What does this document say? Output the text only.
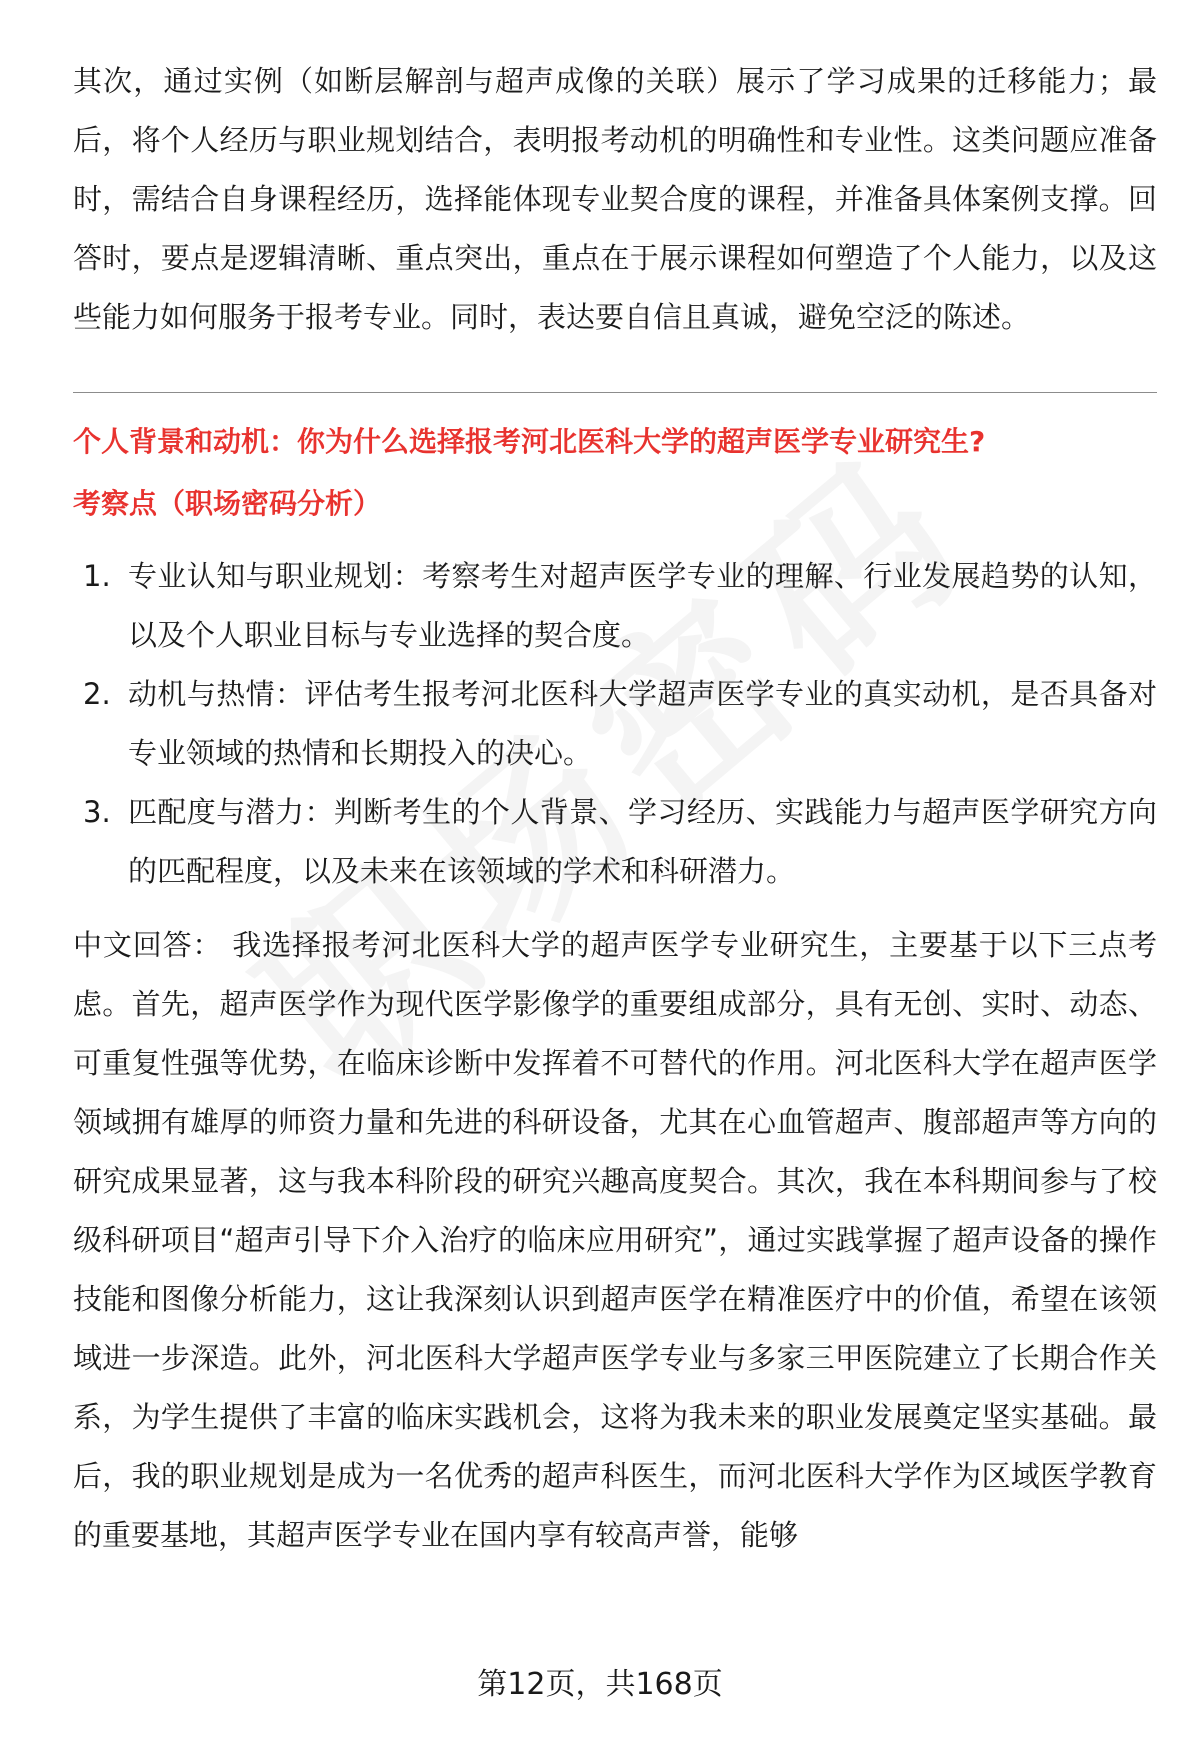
其次，通过实例（如断层解剖与超声成像的关联）展示了学习成果的迁移能力；最后，将个人经历与职业规划结合，表明报考动机的明确性和专业性。这类问题应准备时，需结合自身课程经历，选择能体现专业契合度的课程，并准备具体案例支撑。回答时，要点是逻辑清晰、重点突出，重点在于展示课程如何塑造了个人能力，以及这些能力如何服务于报考专业。同时，表达要自信且真诚，避免空泛的陈述。

个人背景和动机：你为什么选择报考河北医科大学的超声医学专业研究生?
考察点（职场密码分析）
1. 专业认知与职业规划：考察考生对超声医学专业的理解、行业发展趋势的认知，以及个人职业目标与专业选择的契合度。
2. 动机与热情：评估考生报考河北医科大学超声医学专业的真实动机，是否具备对专业领域的热情和长期投入的决心。
3. 匹配度与潜力：判断考生的个人背景、学习经历、实践能力与超声医学研究方向的匹配程度，以及未来在该领域的学术和科研潜力。

中文回答： 我选择报考河北医科大学的超声医学专业研究生，主要基于以下三点考虑。首先，超声医学作为现代医学影像学的重要组成部分，具有无创、实时、动态、可重复性强等优势，在临床诊断中发挥着不可替代的作用。河北医科大学在超声医学领域拥有雄厚的师资力量和先进的科研设备，尤其在心血管超声、腹部超声等方向的研究成果显著，这与我本科阶段的研究兴趣高度契合。其次，我在本科期间参与了校级科研项目“超声引导下介入治疗的临床应用研究”，通过实践掌握了超声设备的操作技能和图像分析能力，这让我深刻认识到超声医学在精准医疗中的价值，希望在该领域进一步深造。此外，河北医科大学超声医学专业与多家三甲医院建立了长期合作关系，为学生提供了丰富的临床实践机会，这将为我未来的职业发展奠定坚实基础。最后，我的职业规划是成为一名优秀的超声科医生，而河北医科大学作为区域医学教育的重要基地，其超声医学专业在国内享有较高声誉，能够

第12页，共168页
